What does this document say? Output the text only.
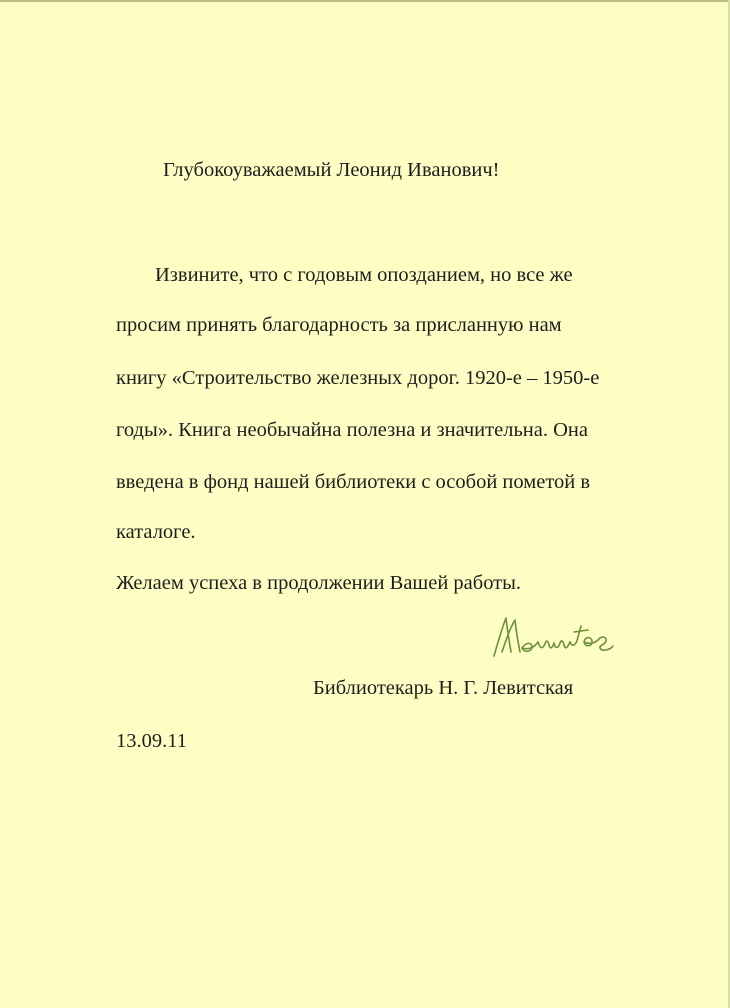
Глубокоуважаемый Леонид Иванович!
Извините, что с годовым опозданием, но все же
просим принять благодарность за присланную нам
книгу «Строительство железных дорог. 1920-е – 1950-е
годы». Книга необычайна полезна и значительна. Она
введена в фонд нашей библиотеки с особой пометой в
каталоге.
Желаем успеха в продолжении Вашей работы.
Библиотекарь Н. Г. Левитская
13.09.11
